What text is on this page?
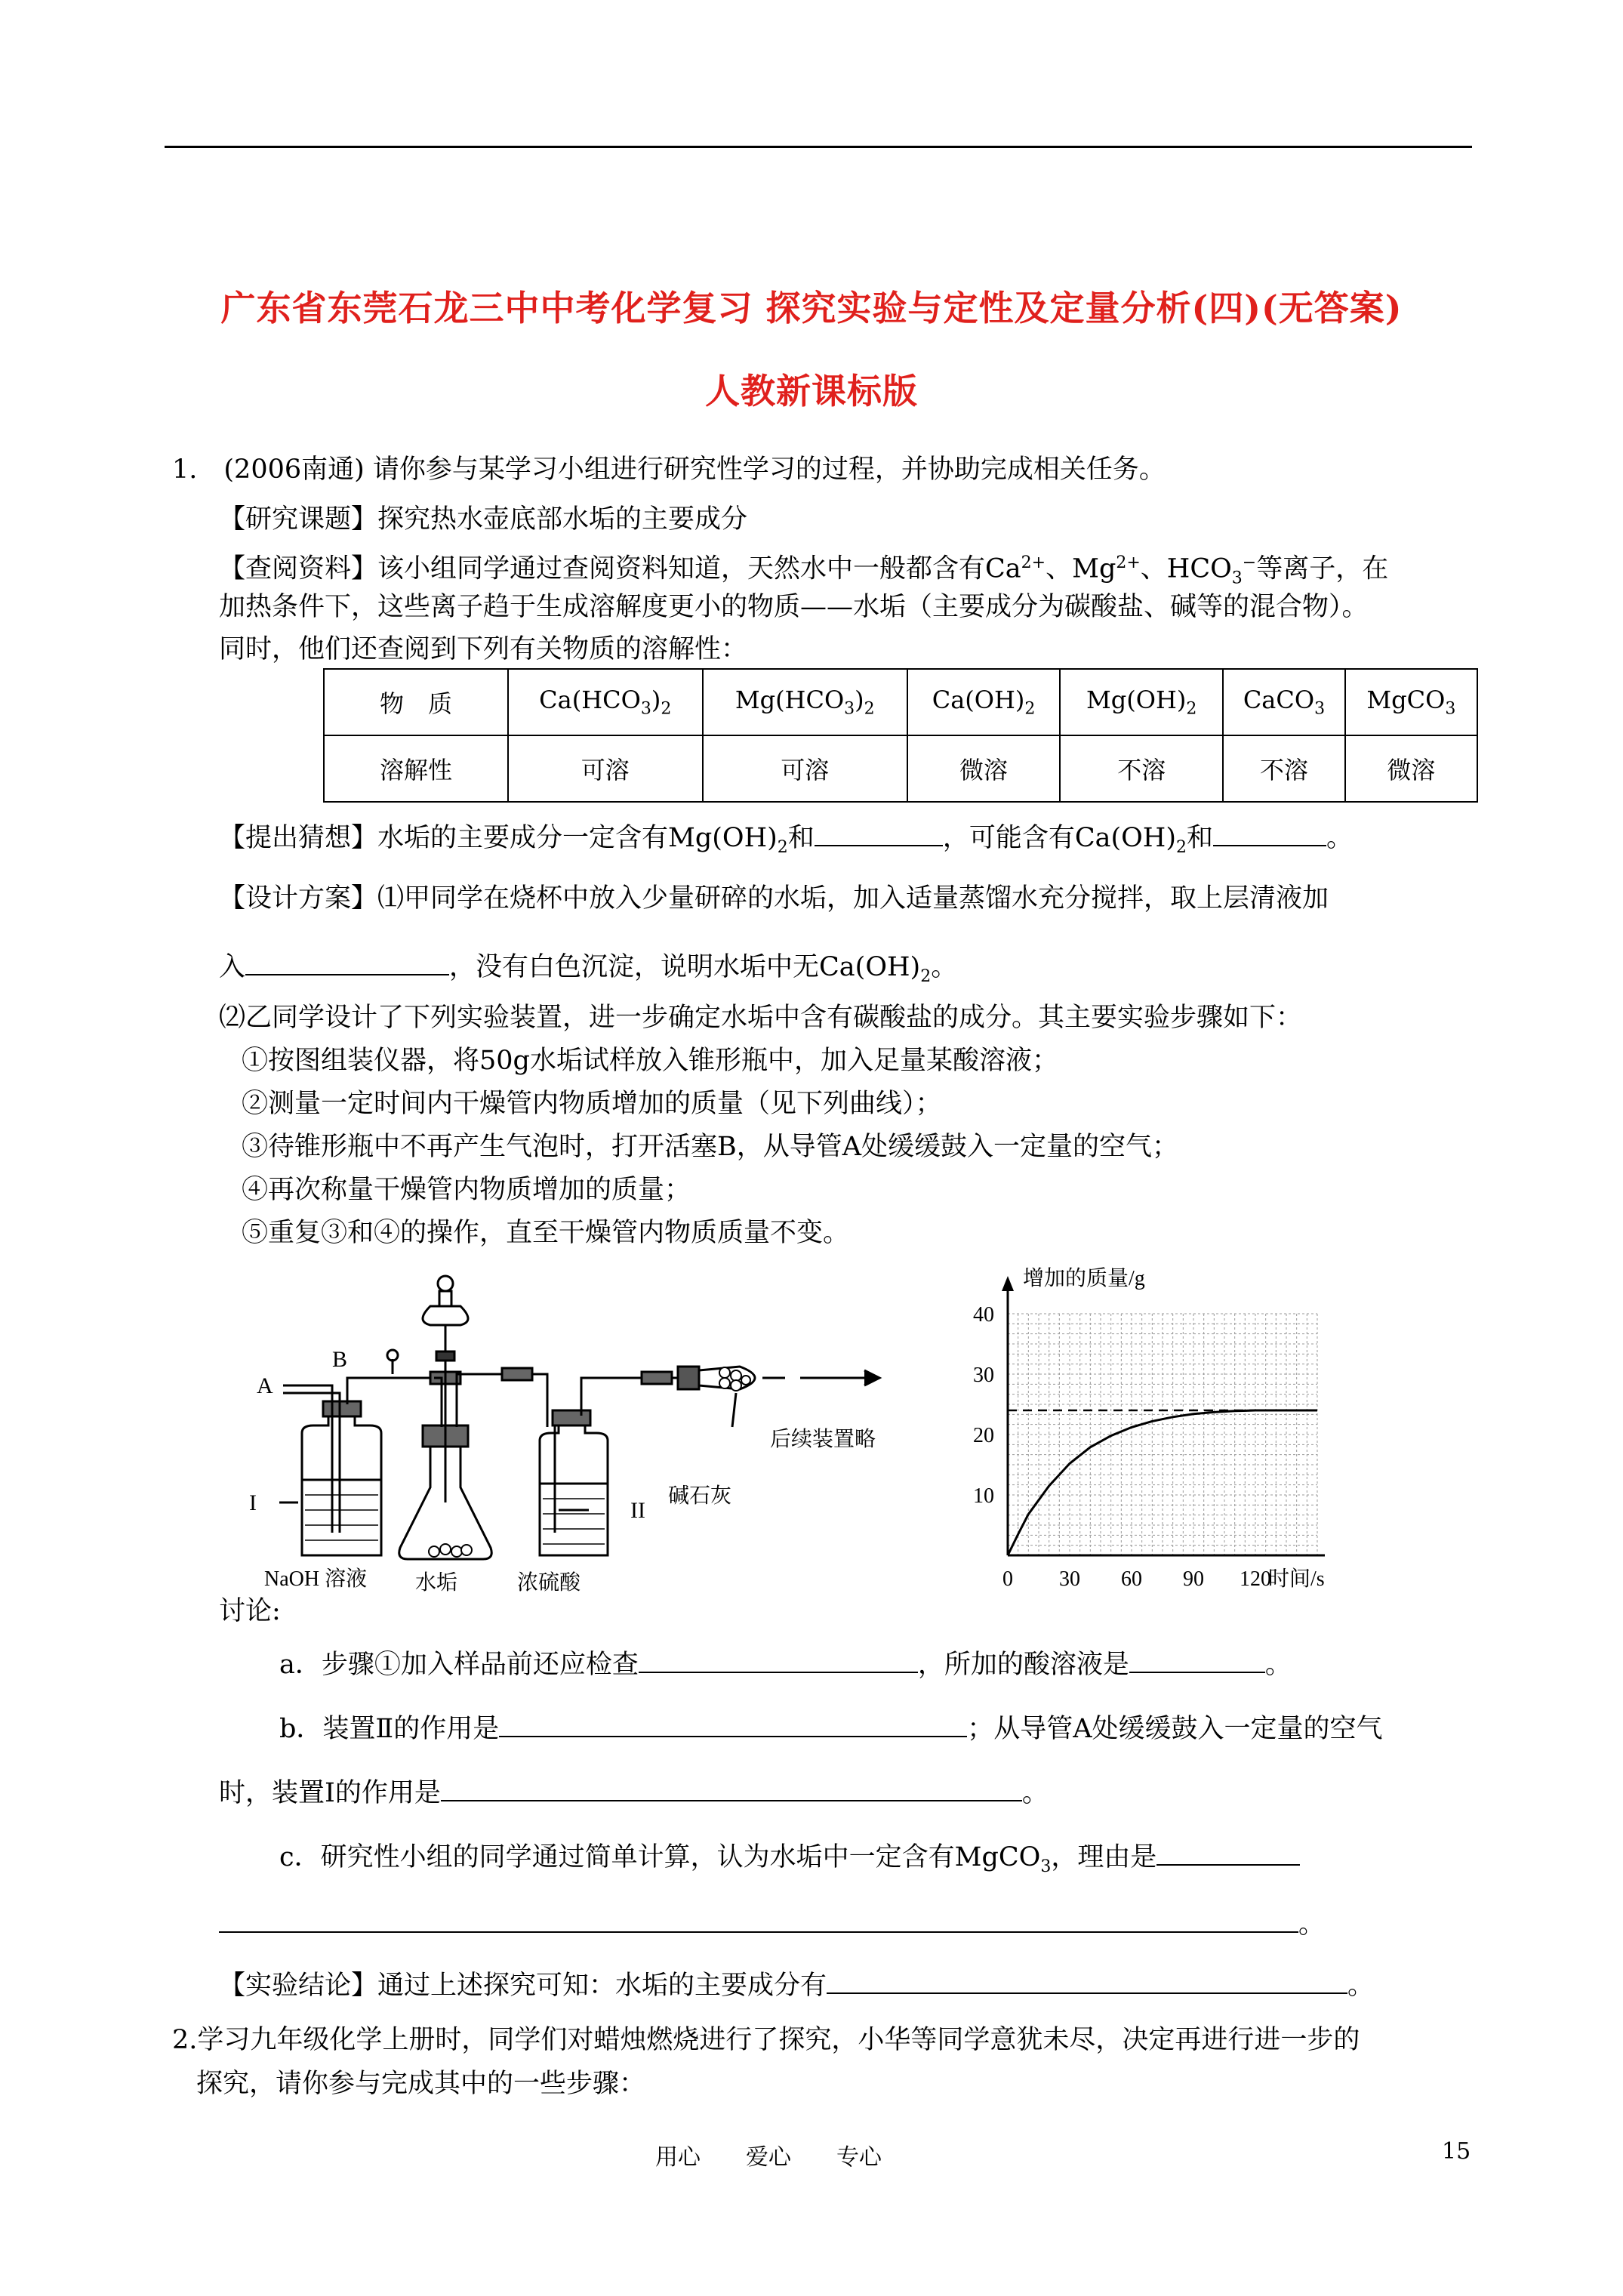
广东省东莞石龙三中中考化学复习 探究实验与定性及定量分析(四)(无答案)
人教新课标版
1.　(2006南通) 请你参与某学习小组进行研究性学习的过程，并协助完成相关任务。
【研究课题】探究热水壶底部水垢的主要成分
【查阅资料】该小组同学通过查阅资料知道，天然水中一般都含有$Ca^{2+}$、$Mg^{2+}$、$HCO_3^-$等离子，在
加热条件下，这些离子趋于生成溶解度更小的物质——水垢（主要成分为碳酸盐、碱等的混合物）。
同时，他们还查阅到下列有关物质的溶解性：
物　质	$Ca(HCO_3)_2$	$Mg(HCO_3)_2$	$Ca(OH)_2$	$Mg(OH)_2$	CaCO$_3$	MgCO$_3$
溶解性	可溶	可溶	微溶	不溶	不溶	微溶
【提出猜想】水垢的主要成分一定含有$Mg(OH)_2$和	，可能含有$Ca(OH)_2$和	。
【设计方案】⑴甲同学在烧杯中放入少量研碎的水垢，加入适量蒸馏水充分搅拌，取上层清液加
入	，没有白色沉淀，说明水垢中无$Ca(OH)_2$。
⑵乙同学设计了下列实验装置，进一步确定水垢中含有碳酸盐的成分。其主要实验步骤如下：
①按图组装仪器，将50g水垢试样放入锥形瓶中，加入足量某酸溶液；
②测量一定时间内干燥管内物质增加的质量（见下列曲线）；
③待锥形瓶中不再产生气泡时，打开活塞B，从导管A处缓缓鼓入一定量的空气；
④再次称量干燥管内物质增加的质量；
⑤重复③和④的操作，直至干燥管内物质质量不变。
A
B
I	II
NaOH 溶液 水垢	浓硫酸
碱石灰
后续装置略
0 30 60 90 120
10
20
30
40
增加的质量/g
时间/s
讨论:
a．步骤①加入样品前还应检查	，所加的酸溶液是	。
b．装置Ⅱ的作用是	；从导管A处缓缓鼓入一定量的空气
时，装置Ⅰ的作用是	。
c．研究性小组的同学通过简单计算，认为水垢中一定含有MgCO$_3$，理由是
。
【实验结论】通过上述探究可知：水垢的主要成分有	。
2.学习九年级化学上册时，同学们对蜡烛燃烧进行了探究，小华等同学意犹未尽，决定再进行进一步的
探究，请你参与完成其中的一些步骤：
用心　　爱心　　专心	15
